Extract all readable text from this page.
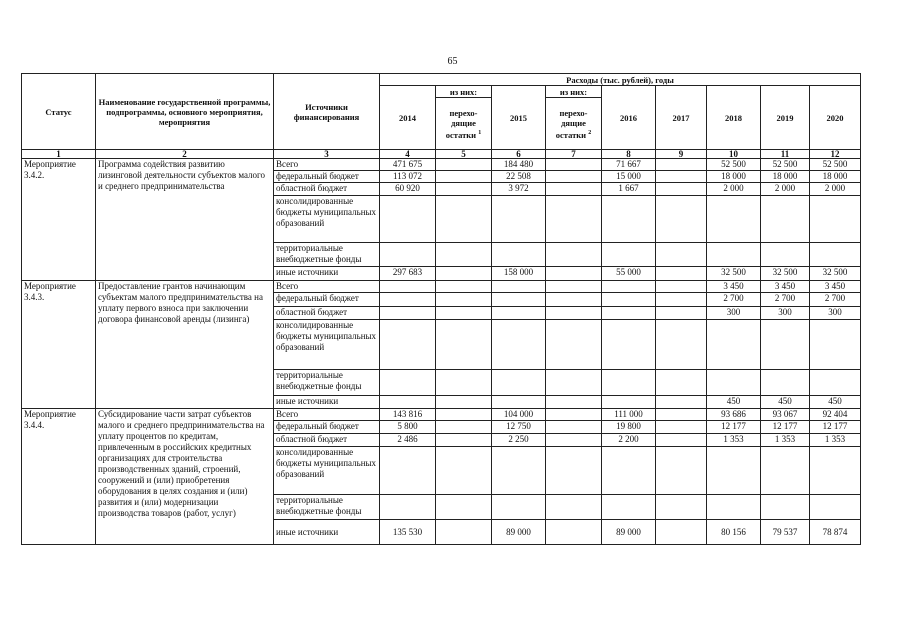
65
Статус	Наименование государственной программы, подпрограммы, основного мероприятия, мероприятия	Источники финансирования	Расходы (тыс. рублей), годы								
			2014	из них:	2015	из них:	2016	2017	2018	2019	2020
				перехо-дящие остатки $^1$		перехо-дящие остатки $^2$
1	2	3	4	5	6	7	8	9	10	11	12
Мероприятие 3.4.2.	Программа содействия развитию лизинговой деятельности субъектов малого и среднего предпринимательства	Всего	471 675		184 480		71 667		52 500	52 500	52 500
		федеральный бюджет	113 072		22 508		15 000		18 000	18 000	18 000
		областной бюджет	60 920		3 972		1 667		2 000	2 000	2 000
		консолидированные бюджеты муниципальных образований									
		территориальные внебюджетные фонды									
		иные источники	297 683		158 000		55 000		32 500	32 500	32 500
Мероприятие 3.4.3.	Предоставление грантов начинающим субъектам малого предпринимательства на уплату первого взноса при заключении договора финансовой аренды (лизинга)	Всего							3 450	3 450	3 450
		федеральный бюджет							2 700	2 700	2 700
		областной бюджет							300	300	300
		консолидированные бюджеты муниципальных образований									
		территориальные внебюджетные фонды									
		иные источники							450	450	450
Мероприятие 3.4.4.	Субсидирование части затрат субъектов малого и среднего предпринимательства на уплату процентов по кредитам, привлеченным в российских кредитных организациях для строительства производственных зданий, строений, сооружений и (или) приобретения оборудования в целях создания и (или) развития и (или) модернизации производства товаров (работ, услуг)	Всего	143 816		104 000		111 000		93 686	93 067	92 404
		федеральный бюджет	5 800		12 750		19 800		12 177	12 177	12 177
		областной бюджет	2 486		2 250		2 200		1 353	1 353	1 353
		консолидированные бюджеты муниципальных образований									
		территориальные внебюджетные фонды									
		иные источники	135 530		89 000		89 000		80 156	79 537	78 874
